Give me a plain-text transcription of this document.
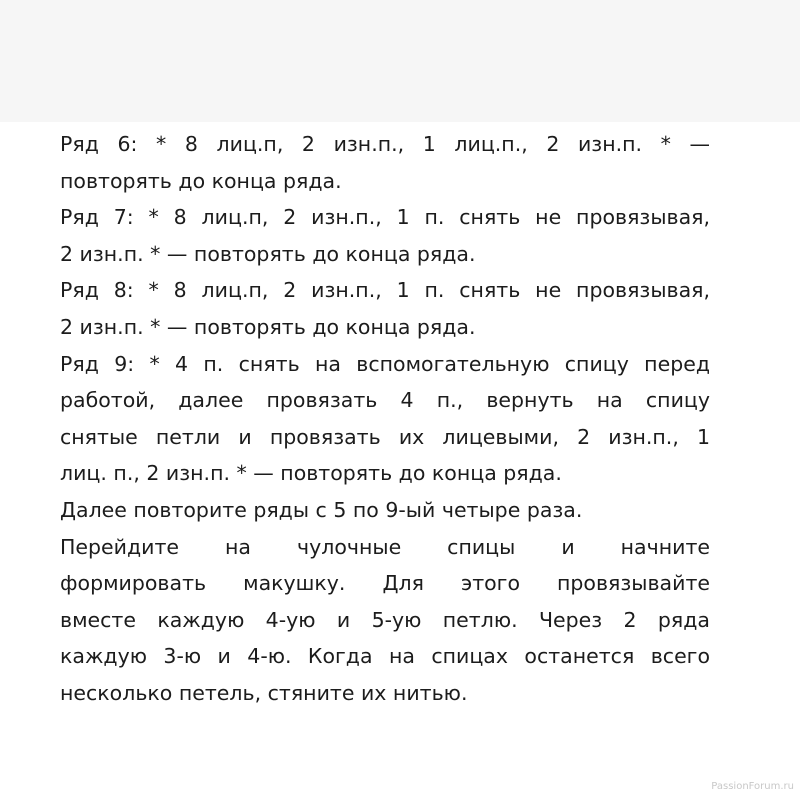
Ряд 6: * 8 лиц.п, 2 изн.п., 1 лиц.п., 2 изн.п. * —
повторять до конца ряда.
Ряд 7: * 8 лиц.п, 2 изн.п., 1 п. снять не провязывая,
2 изн.п. * — повторять до конца ряда.
Ряд 8: * 8 лиц.п, 2 изн.п., 1 п. снять не провязывая,
2 изн.п. * — повторять до конца ряда.
Ряд 9: * 4 п. снять на вспомогательную спицу перед
работой, далее провязать 4 п., вернуть на спицу
снятые петли и провязать их лицевыми, 2 изн.п., 1
лиц. п., 2 изн.п. * — повторять до конца ряда.
Далее повторите ряды с 5 по 9-ый четыре раза.
Перейдите на чулочные спицы и начните
формировать макушку. Для этого провязывайте
вместе каждую 4-ую и 5-ую петлю. Через 2 ряда
каждую 3-ю и 4-ю. Когда на спицах останется всего
несколько петель, стяните их нитью.
PassionForum.ru
